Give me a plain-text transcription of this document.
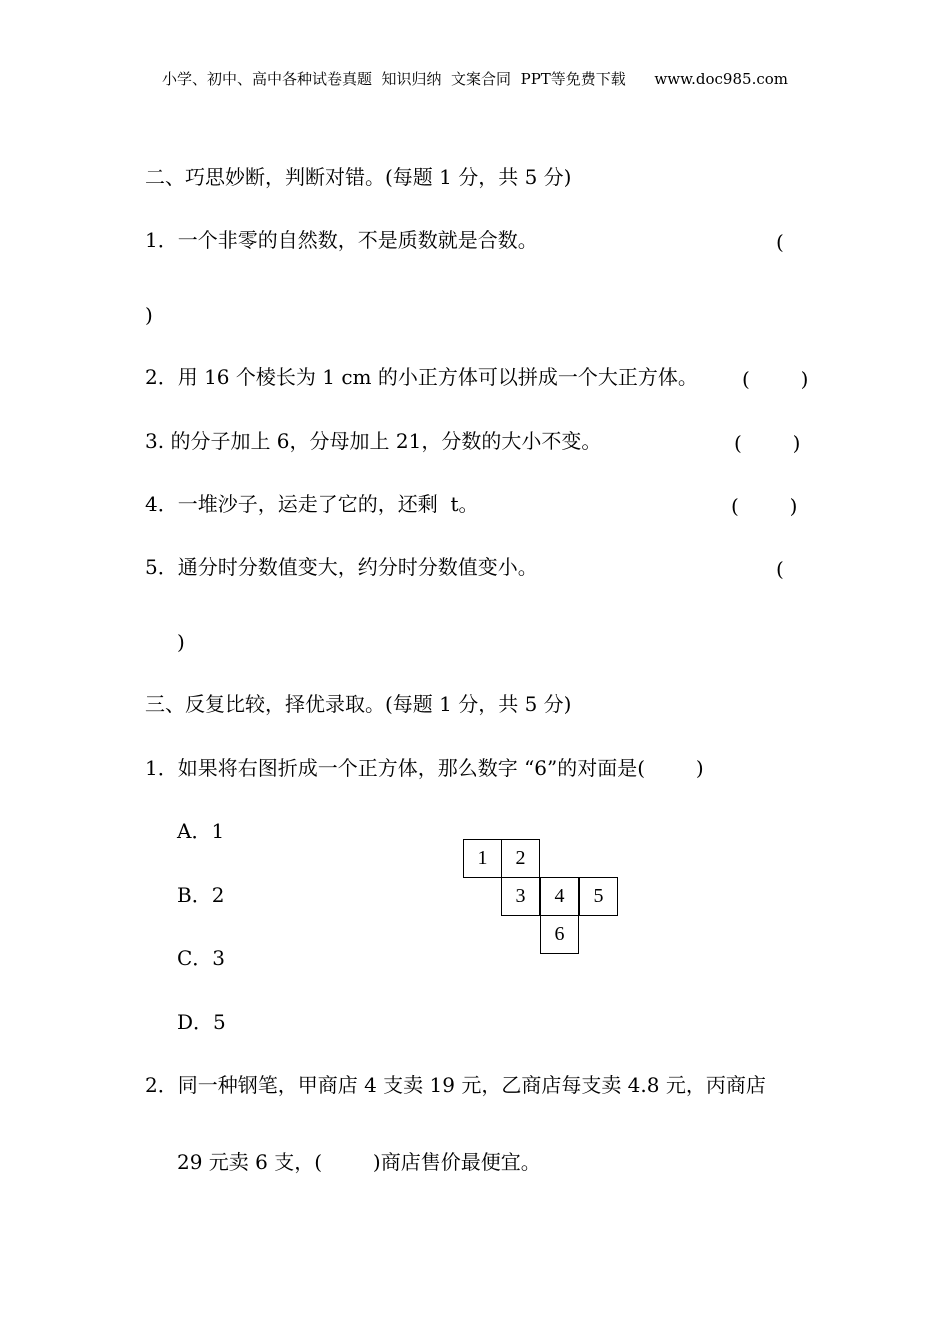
小学、初中、高中各种试卷真题  知识归纳  文案合同  PPT等免费下载      www.doc985.com
二、巧思妙断，判断对错。(每题 1 分，共 5 分)
1．一个非零的自然数，不是质数就是合数。	(
)
2．用 16 个棱长为 1 cm 的小正方体可以拼成一个大正方体。 (        )
3. 的分子加上 6，分母加上 21，分数的大小不变。	(        )
4．一堆沙子，运走了它的，还剩  t。	(        )
5．通分时分数值变大，约分时分数值变小。	(
)
三、反复比较，择优录取。(每题 1 分，共 5 分)
1．如果将右图折成一个正方体，那么数字 “6”的对面是(        )
A．1
B．2
C．3
D．5
1	2
3	4	5
6
2．同一种钢笔，甲商店 4 支卖 19 元，乙商店每支卖 4.8 元，丙商店
29 元卖 6 支，(        )商店售价最便宜。
